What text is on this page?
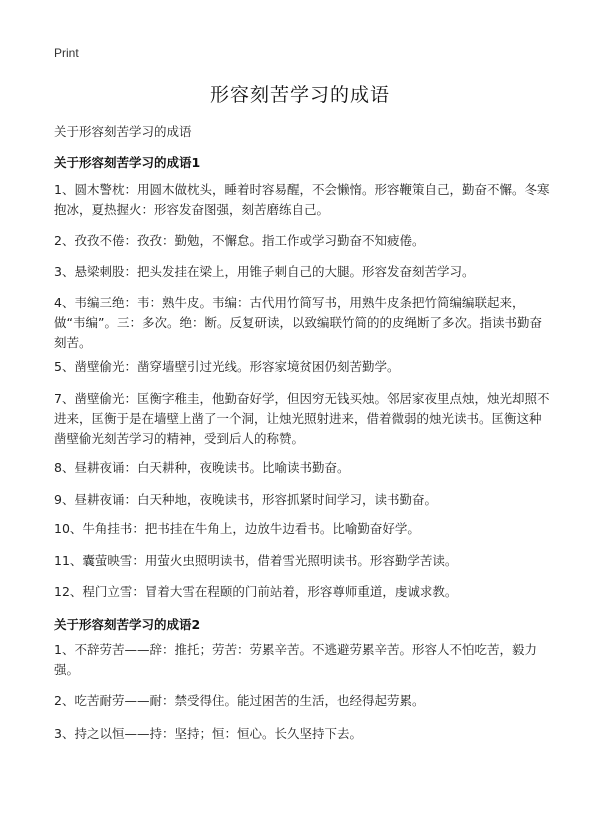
Print
形容刻苦学习的成语
关于形容刻苦学习的成语
关于形容刻苦学习的成语1
1、圆木警枕：用圆木做枕头，睡着时容易醒，不会懒惰。形容鞭策自己，勤奋不懈。冬寒抱冰，夏热握火：形容发奋图强，刻苦磨练自己。
2、孜孜不倦：孜孜：勤勉，不懈怠。指工作或学习勤奋不知疲倦。
3、悬梁刺股：把头发挂在梁上，用锥子刺自己的大腿。形容发奋刻苦学习。
4、韦编三绝：韦：熟牛皮。韦编：古代用竹简写书，用熟牛皮条把竹简编编联起来，做“韦编”。三：多次。绝：断。反复研读，以致编联竹简的的皮绳断了多次。指读书勤奋刻苦。
5、凿壁偷光：凿穿墙壁引过光线。形容家境贫困仍刻苦勤学。
7、凿壁偷光：匡衡字稚圭，他勤奋好学，但因穷无钱买烛。邻居家夜里点烛，烛光却照不进来，匡衡于是在墙壁上凿了一个洞，让烛光照射进来，借着微弱的烛光读书。匡衡这种凿壁偷光刻苦学习的精神，受到后人的称赞。
8、昼耕夜诵：白天耕种，夜晚读书。比喻读书勤奋。
9、昼耕夜诵：白天种地，夜晚读书，形容抓紧时间学习，读书勤奋。
10、牛角挂书：把书挂在牛角上，边放牛边看书。比喻勤奋好学。
11、囊萤映雪：用萤火虫照明读书，借着雪光照明读书。形容勤学苦读。
12、程门立雪：冒着大雪在程颐的门前站着，形容尊师重道，虔诚求教。
关于形容刻苦学习的成语2
1、不辞劳苦——辞：推托；劳苦：劳累辛苦。不逃避劳累辛苦。形容人不怕吃苦，毅力强。
2、吃苦耐劳——耐：禁受得住。能过困苦的生活，也经得起劳累。
3、持之以恒——持：坚持；恒：恒心。长久坚持下去。
